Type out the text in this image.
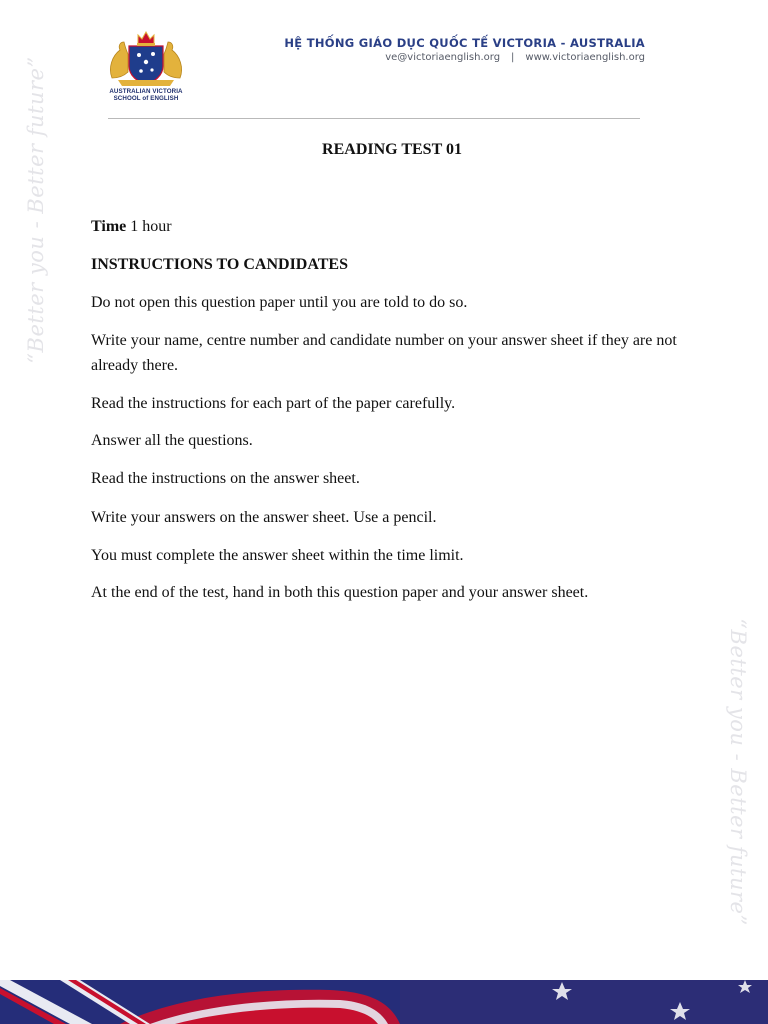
AUSTRALIAN VICTORIA
SCHOOL of ENGLISH
HỆ THỐNG GIÁO DỤC QUỐC TẾ VICTORIA - AUSTRALIA
ve@victoriaenglish.org | www.victoriaenglish.org
“Better you - Better future”
“Better you - Better future”
READING TEST 01
Time 1 hour
INSTRUCTIONS TO CANDIDATES
Do not open this question paper until you are told to do so.
Write your name, centre number and candidate number on your answer sheet if they are not already there.
Read the instructions for each part of the paper carefully.
Answer all the questions.
Read the instructions on the answer sheet.
Write your answers on the answer sheet. Use a pencil.
You must complete the answer sheet within the time limit.
At the end of the test, hand in both this question paper and your answer sheet.
